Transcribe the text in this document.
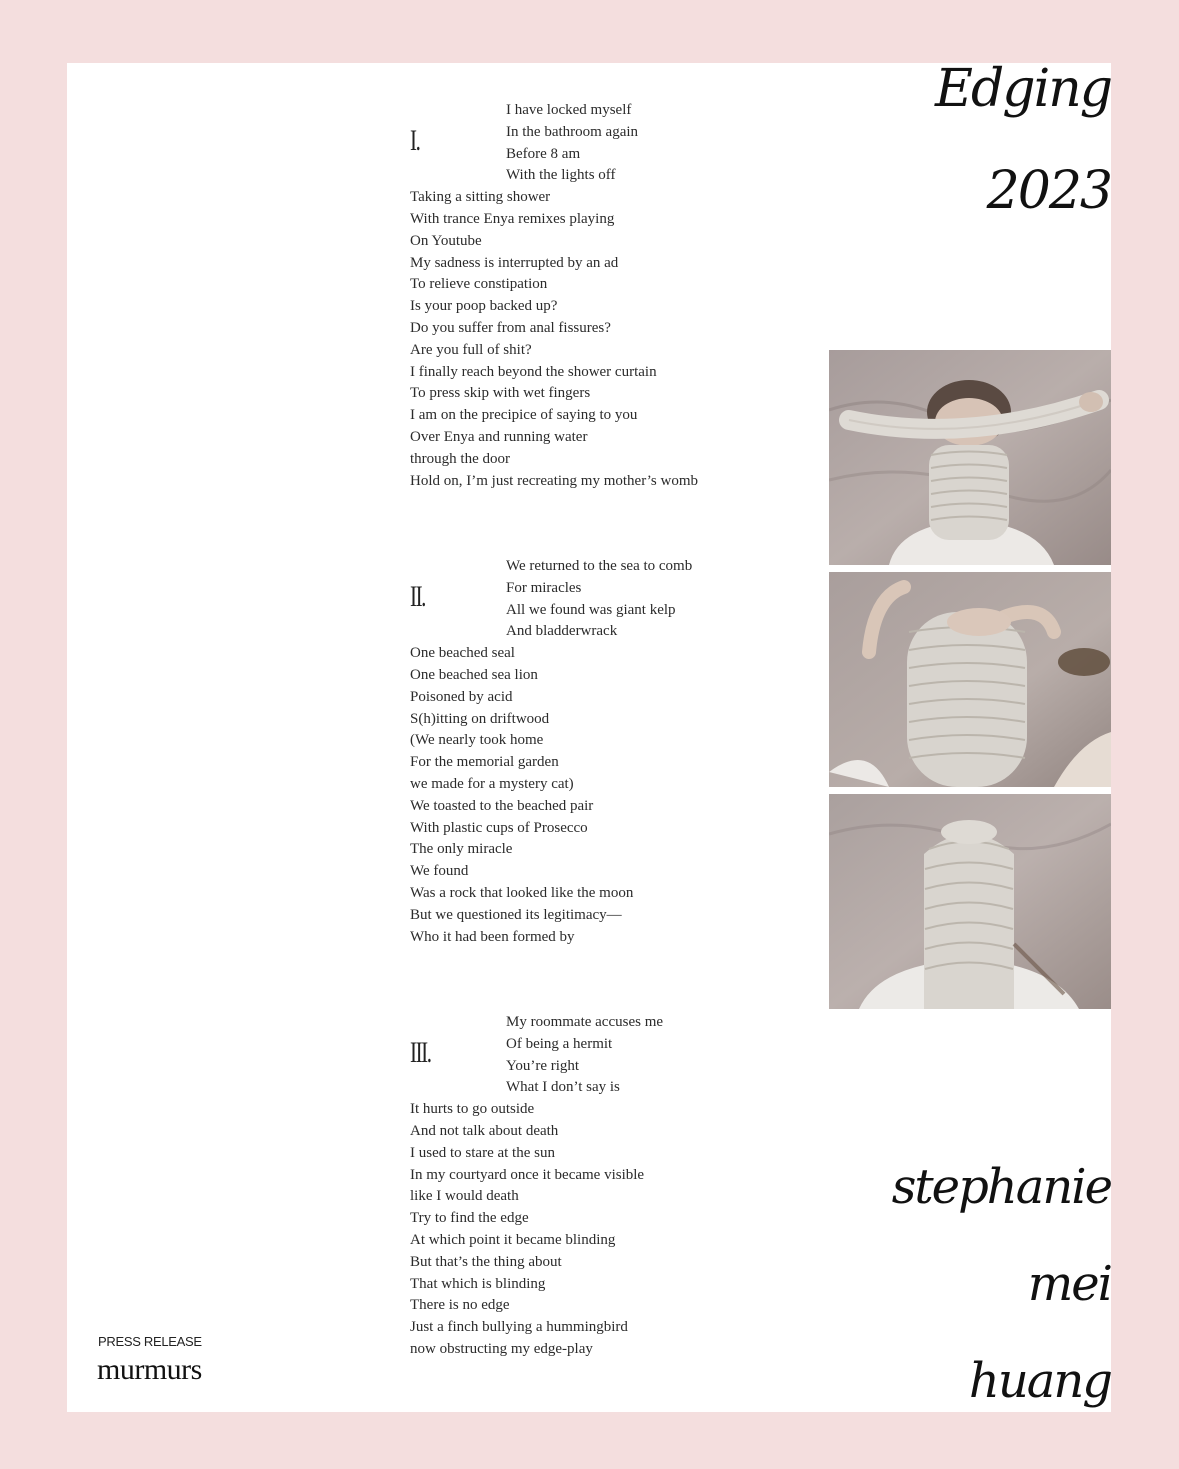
Edging
2023
I.
I have locked myself
In the bathroom again
Before 8 am
With the lights off
Taking a sitting shower
With trance Enya remixes playing
On Youtube
My sadness is interrupted by an ad
To relieve constipation
Is your poop backed up?
Do you suffer from anal fissures?
Are you full of shit?
I finally reach beyond the shower curtain
To press skip with wet fingers
I am on the precipice of saying to you
Over Enya and running water
through the door
Hold on, I’m just recreating my mother’s womb
II.
We returned to the sea to comb
For miracles
All we found was giant kelp
And bladderwrack
One beached seal
One beached sea lion
Poisoned by acid
S(h)itting on driftwood
(We nearly took home
For the memorial garden
we made for a mystery cat)
We toasted to the beached pair
With plastic cups of Prosecco
The only miracle
We found
Was a rock that looked like the moon
But we questioned its legitimacy—
Who it had been formed by
III.
My roommate accuses me
Of being a hermit
You’re right
What I don’t say is
It hurts to go outside
And not talk about death
I used to stare at the sun
In my courtyard once it became visible
like I would death
Try to find the edge
At which point it became blinding
But that’s the thing about
That which is blinding
There is no edge
Just a finch bullying a hummingbird
now obstructing my edge-play
stephanie
mei
huang
PRESS RELEASE
murmurs
